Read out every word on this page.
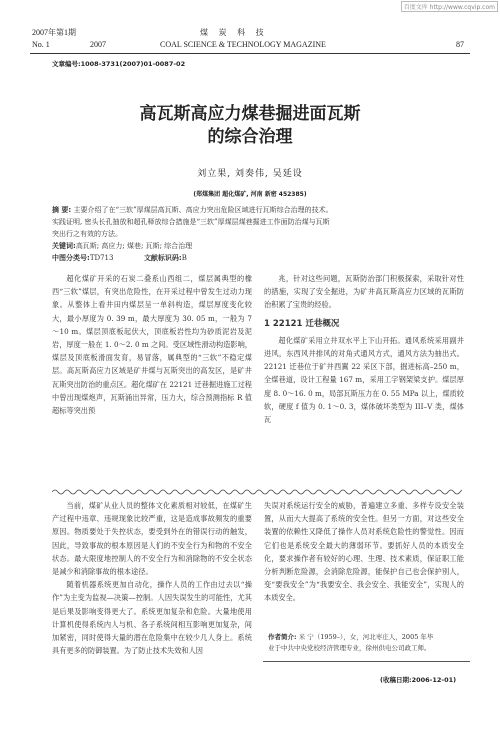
百度文库 http://www.cqvip.com
2007年第1期	煤 炭 科 技
No. 1	2007	COAL SCIENCE & TECHNOLOGY MAGAZINE	87
文章编号:1008-3731(2007)01-0087-02
高瓦斯高应力煤巷掘进面瓦斯
的综合治理
刘立果, 刘奏伟, 吴延设
(郑煤集团 超化煤矿, 河南 新密 452385)
摘 要: 主要介绍了在“三软”厚煤层高瓦斯、高应力突出危险区域进行瓦斯综合治理的技术。
实践证明, 密头长孔抽放和超孔释放综合措施是“三软”厚煤层煤巷掘进工作面防治煤与瓦斯
突出行之有效的方法。
关键词:高瓦斯; 高应力; 煤巷; 瓦斯; 综合治理
中图分类号:TD713	文献标识码:B

超化煤矿开采的石炭二叠系山西组二，煤层属典型的橡西“三软”煤层，有突出危险性，在开采过程中曾发生过动力现象。从整体上看井田内煤层呈一单斜构造，煤层厚度变化较大，最小厚度为 0. 39 m，最大厚度为 30. 05 m，一般为 7～10 m。煤层顶底板起伏大，顶底板岩性均为砂质泥岩及泥岩，厚度一般在 1. 0～2. 0 m 之间。受区域性滑动构造影响，煤层及顶底板滑面发育，易冒落，属典型的“三软”不稳定煤层。高瓦斯高应力区域是矿井煤与瓦斯突出的高发区，是矿井瓦斯突出防治的重点区。超化煤矿在 22121 迁巷掘进施工过程中曾出现煤炮声，瓦斯涌出异常，压力大，综合预测指标 R 值超标等突出预

兆，针对这些问题，瓦斯防治部门积极探索，采取针对性的措施，实现了安全掘进，为矿井高瓦斯高应力区域的瓦斯防治积累了宝贵的经验。

1 22121 迁巷概况

超化煤矿采用立井双水平上下山开拓。通风系统采用副井进风，东西风井排风的对角式通风方式，通风方法为抽出式。22121 迁巷位于矿井西翼 22 采区下部，掘进标高–250 m，全煤巷道，设计工程量 167 m，采用工字钢架梁支护。煤层厚度 8. 0～16. 0 m，局部瓦斯压力在 0. 55 MPa 以上，煤质较软，硬度 f 值为 0. 1～0. 3，煤体破坏类型为 III–V 类，煤体瓦

当前，煤矿从业人员的整体文化素质相对较低，在煤矿生产过程中违章、违规现象比较严重，这是造成事故频发的重要原因。物质要处于失控状态，要受到外在的错误行动的触发，因此，导致事故的根本原因是人们的不安全行为和物的不安全状态。最大限度地控制人的不安全行为和消除物的不安全状态是减少和消除事故的根本途径。

随着机器系统更加自动化，操作人员的工作由过去以“操作”为主变为监视—决策—控制。人因失误发生的可能性，尤其是后果及影响变得更大了。系统更加复杂和危险。大量地使用计算机使得系统内人与机、各子系统间相互影响更加复杂，间加紧密，同时使得大量的潜在危险集中在较少几人身上。系统具有更多的防御装置。为了防止技术失效和人因

失误对系统运行安全的威胁，普遍建立多重、多样专设安全装置，从而大大提高了系统的安全性。但另一方面，对这些安全装置的依赖性又降低了操作人员对系统危险性的警觉性。因而它们也是系统安全最大的薄弱环节。要抓好人员的本质安全化，要求操作者有较好的心理、生理、技术素质，保证职工能分析判断危险源，会消除危险源，能保护自己也会保护别人，变“要我安全”为“我要安全、我会安全、我能安全”，实现人的本质安全。

作者简介: 米 宁（1959–），女，河北枣庄人，2005 年毕
业于中共中央党校经济管理专业，徐州供电公司政工师。
(收稿日期:2006-12-01)
